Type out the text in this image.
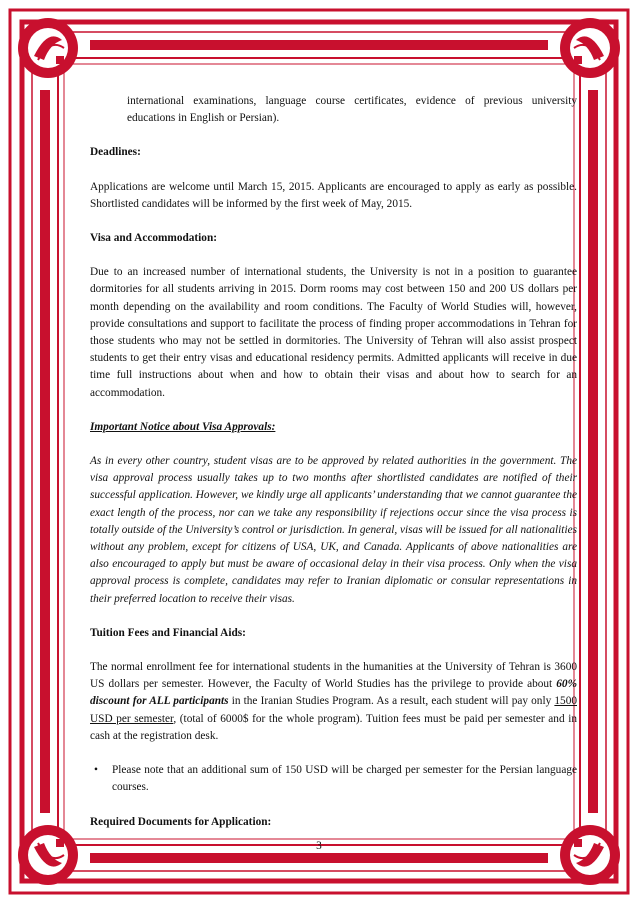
international examinations, language course certificates, evidence of previous university educations in English or Persian).

Deadlines:

Applications are welcome until March 15, 2015. Applicants are encouraged to apply as early as possible. Shortlisted candidates will be informed by the first week of May, 2015.

Visa and Accommodation:

Due to an increased number of international students, the University is not in a position to guarantee dormitories for all students arriving in 2015. Dorm rooms may cost between 150 and 200 US dollars per month depending on the availability and room conditions. The Faculty of World Studies will, however, provide consultations and support to facilitate the process of finding proper accommodations in Tehran for those students who may not be settled in dormitories. The University of Tehran will also assist prospect students to get their entry visas and educational residency permits. Admitted applicants will receive in due time full instructions about when and how to obtain their visas and about how to search for an accommodation.

Important Notice about Visa Approvals:

As in every other country, student visas are to be approved by related authorities in the government. The visa approval process usually takes up to two months after shortlisted candidates are notified of their successful application. However, we kindly urge all applicants’ understanding that we cannot guarantee the exact length of the process, nor can we take any responsibility if rejections occur since the visa process is totally outside of the University’s control or jurisdiction. In general, visas will be issued for all nationalities without any problem, except for citizens of USA, UK, and Canada. Applicants of above nationalities are also encouraged to apply but must be aware of occasional delay in their visa process. Only when the visa approval process is complete, candidates may refer to Iranian diplomatic or consular representations in their preferred location to receive their visas.

Tuition Fees and Financial Aids:

The normal enrollment fee for international students in the humanities at the University of Tehran is 3600 US dollars per semester. However, the Faculty of World Studies has the privilege to provide about 60% discount for ALL participants in the Iranian Studies Program. As a result, each student will pay only 1500 USD per semester, (total of 6000$ for the whole program). Tuition fees must be paid per semester and in cash at the registration desk.

•	Please note that an additional sum of 150 USD will be charged per semester for the Persian language courses.

Required Documents for Application:

3
